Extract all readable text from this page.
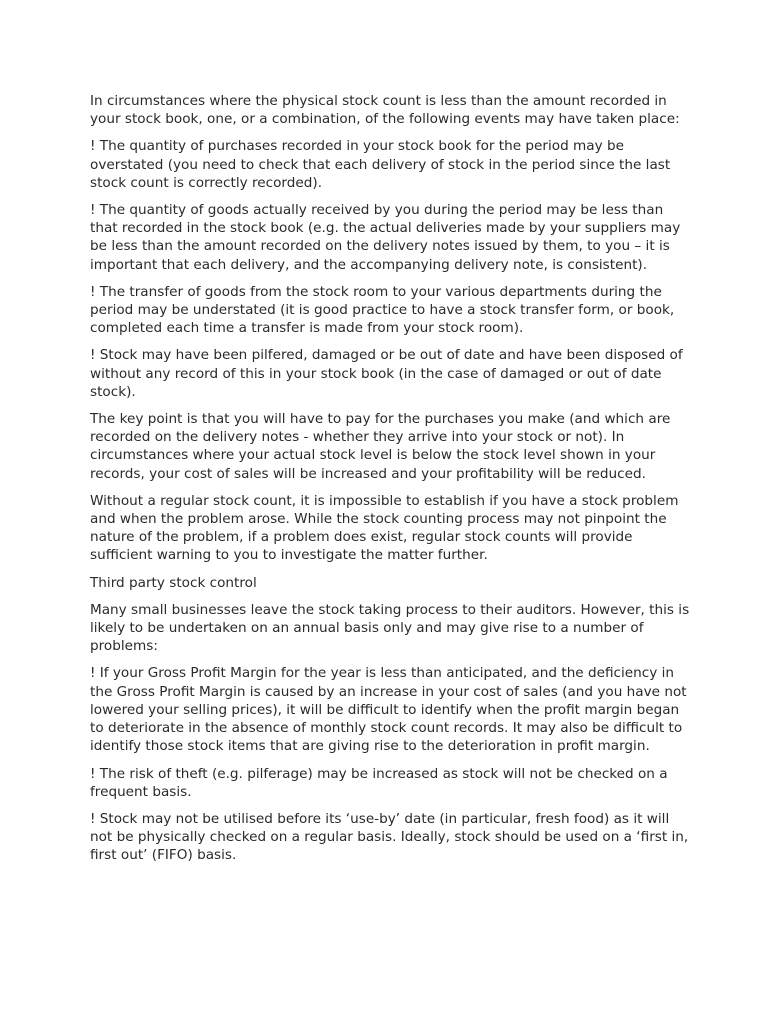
In circumstances where the physical stock count is less than the amount recorded in your stock book, one, or a combination, of the following events may have taken place:

! The quantity of purchases recorded in your stock book for the period may be overstated (you need to check that each delivery of stock in the period since the last stock count is correctly recorded).

! The quantity of goods actually received by you during the period may be less than that recorded in the stock book (e.g. the actual deliveries made by your suppliers may be less than the amount recorded on the delivery notes issued by them, to you – it is important that each delivery, and the accompanying delivery note, is consistent).

! The transfer of goods from the stock room to your various departments during the period may be understated (it is good practice to have a stock transfer form, or book, completed each time a transfer is made from your stock room).

! Stock may have been pilfered, damaged or be out of date and have been disposed of without any record of this in your stock book (in the case of damaged or out of date stock).

The key point is that you will have to pay for the purchases you make (and which are recorded on the delivery notes - whether they arrive into your stock or not). In circumstances where your actual stock level is below the stock level shown in your records, your cost of sales will be increased and your profitability will be reduced.

Without a regular stock count, it is impossible to establish if you have a stock problem and when the problem arose. While the stock counting process may not pinpoint the nature of the problem, if a problem does exist, regular stock counts will provide sufficient warning to you to investigate the matter further.

Third party stock control

Many small businesses leave the stock taking process to their auditors. However, this is likely to be undertaken on an annual basis only and may give rise to a number of problems:

! If your Gross Profit Margin for the year is less than anticipated, and the deficiency in the Gross Profit Margin is caused by an increase in your cost of sales (and you have not lowered your selling prices), it will be difficult to identify when the profit margin began to deteriorate in the absence of monthly stock count records. It may also be difficult to identify those stock items that are giving rise to the deterioration in profit margin.

! The risk of theft (e.g. pilferage) may be increased as stock will not be checked on a frequent basis.

! Stock may not be utilised before its ‘use-by’ date (in particular, fresh food) as it will not be physically checked on a regular basis. Ideally, stock should be used on a ‘first in, first out’ (FIFO) basis.
